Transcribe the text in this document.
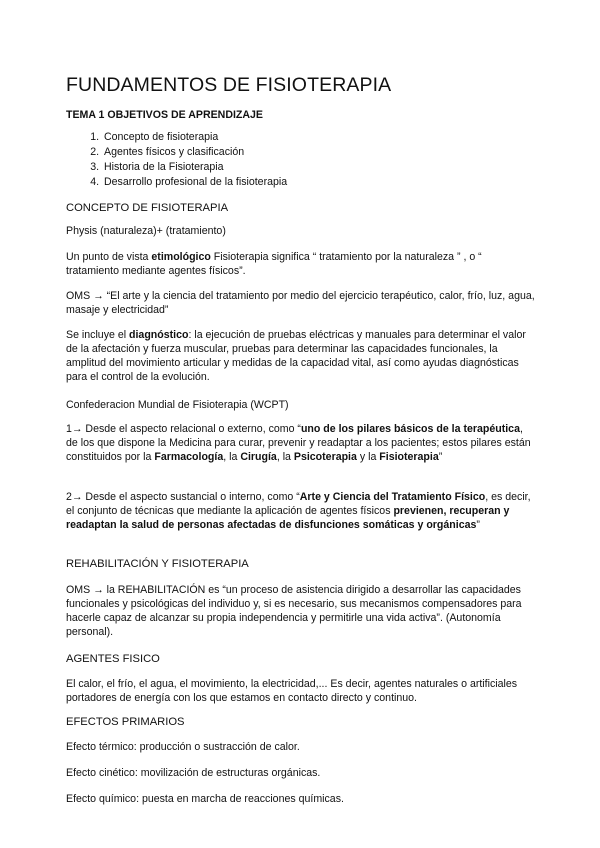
FUNDAMENTOS DE FISIOTERAPIA

TEMA 1 OBJETIVOS DE APRENDIZAJE

1. Concepto de fisioterapia
2. Agentes físicos y clasificación
3. Historia de la Fisioterapia
4. Desarrollo profesional de la fisioterapia

CONCEPTO DE FISIOTERAPIA

Physis (naturaleza)+ (tratamiento)

Un punto de vista etimológico Fisioterapia significa “ tratamiento por la naturaleza ” , o “ tratamiento mediante agentes físicos”.

OMS → “El arte y la ciencia del tratamiento por medio del ejercicio terapéutico, calor, frío, luz, agua, masaje y electricidad”

Se incluye el diagnóstico: la ejecución de pruebas eléctricas y manuales para determinar el valor de la afectación y fuerza muscular, pruebas para determinar las capacidades funcionales, la amplitud del movimiento articular y medidas de la capacidad vital, así como ayudas diagnósticas para el control de la evolución.

Confederacion Mundial de Fisioterapia (WCPT)

1→ Desde el aspecto relacional o externo, como “uno de los pilares básicos de la terapéutica, de los que dispone la Medicina para curar, prevenir y readaptar a los pacientes; estos pilares están constituidos por la Farmacología, la Cirugía, la Psicoterapia y la Fisioterapia”

2→ Desde el aspecto sustancial o interno, como “Arte y Ciencia del Tratamiento Físico, es decir, el conjunto de técnicas que mediante la aplicación de agentes físicos previenen, recuperan y readaptan la salud de personas afectadas de disfunciones somáticas y orgánicas”

REHABILITACIÓN Y FISIOTERAPIA

OMS → la REHABILITACIÓN es “un proceso de asistencia dirigido a desarrollar las capacidades funcionales y psicológicas del individuo y, si es necesario, sus mecanismos compensadores para hacerle capaz de alcanzar su propia independencia y permitirle una vida activa”. (Autonomía personal).

AGENTES FISICO

El calor, el frío, el agua, el movimiento, la electricidad,... Es decir, agentes naturales o artificiales portadores de energía con los que estamos en contacto directo y continuo.

EFECTOS PRIMARIOS

Efecto térmico: producción o sustracción de calor.

Efecto cinético: movilización de estructuras orgánicas.

Efecto químico: puesta en marcha de reacciones químicas.
